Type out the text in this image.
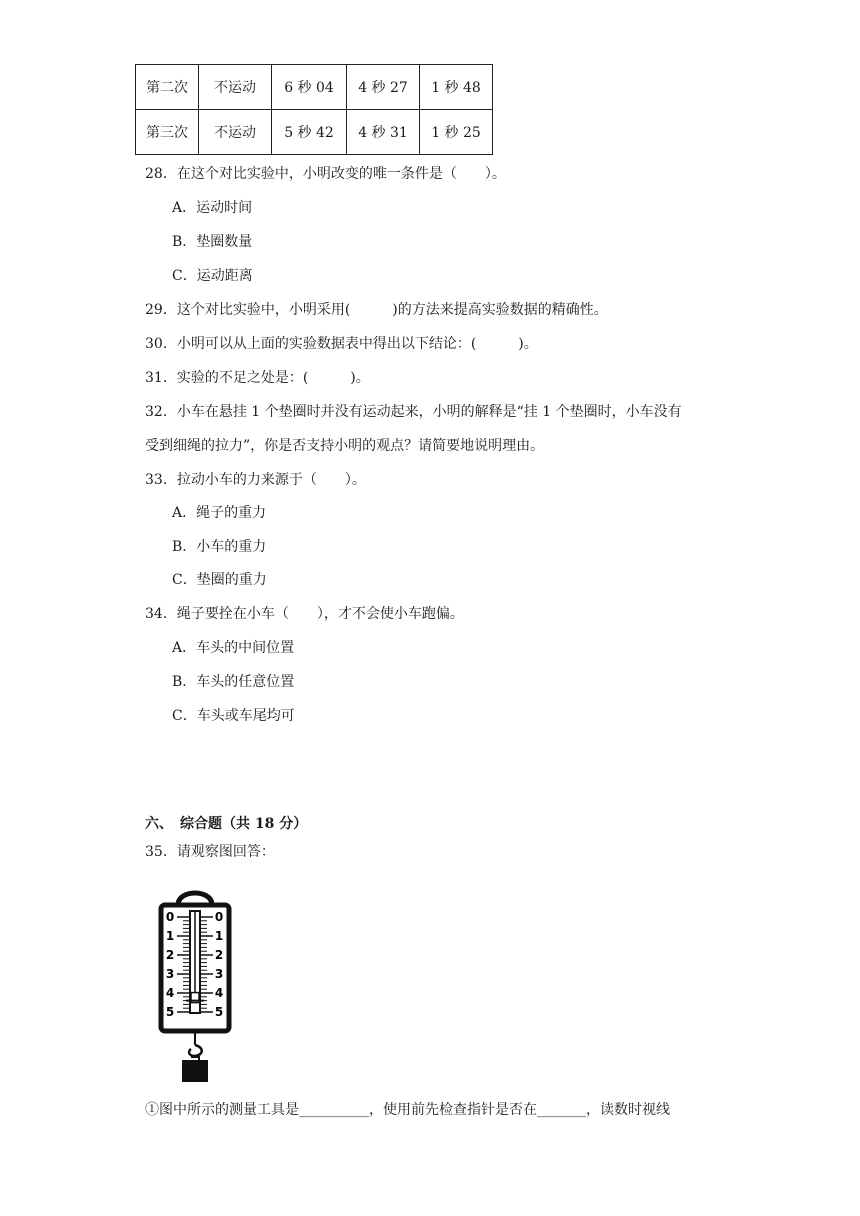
第二次	不运动	6 秒 04	4 秒 27	1 秒 48
第三次	不运动	5 秒 42	4 秒 31	1 秒 25
28．在这个对比实验中，小明改变的唯一条件是（　　）。
A．运动时间
B．垫圈数量
C．运动距离
29．这个对比实验中，小明采用(　　　)的方法来提高实验数据的精确性。
30．小明可以从上面的实验数据表中得出以下结论：(　　　)。
31．实验的不足之处是：(　　　)。
32．小车在悬挂 1 个垫圈时并没有运动起来，小明的解释是“挂 1 个垫圈时，小车没有
受到细绳的拉力”，你是否支持小明的观点？请简要地说明理由。
33．拉动小车的力来源于（　　）。
A．绳子的重力
B．小车的重力
C．垫圈的重力
34．绳子要拴在小车（　　），才不会使小车跑偏。
A．车头的中间位置
B．车头的任意位置
C．车头或车尾均可
六、　综合题（共 18 分）
35．请观察图回答：
0	0
1	1
2	2
3	3
4	4
5	5
①图中所示的测量工具是__________，使用前先检查指针是否在_______，读数时视线
